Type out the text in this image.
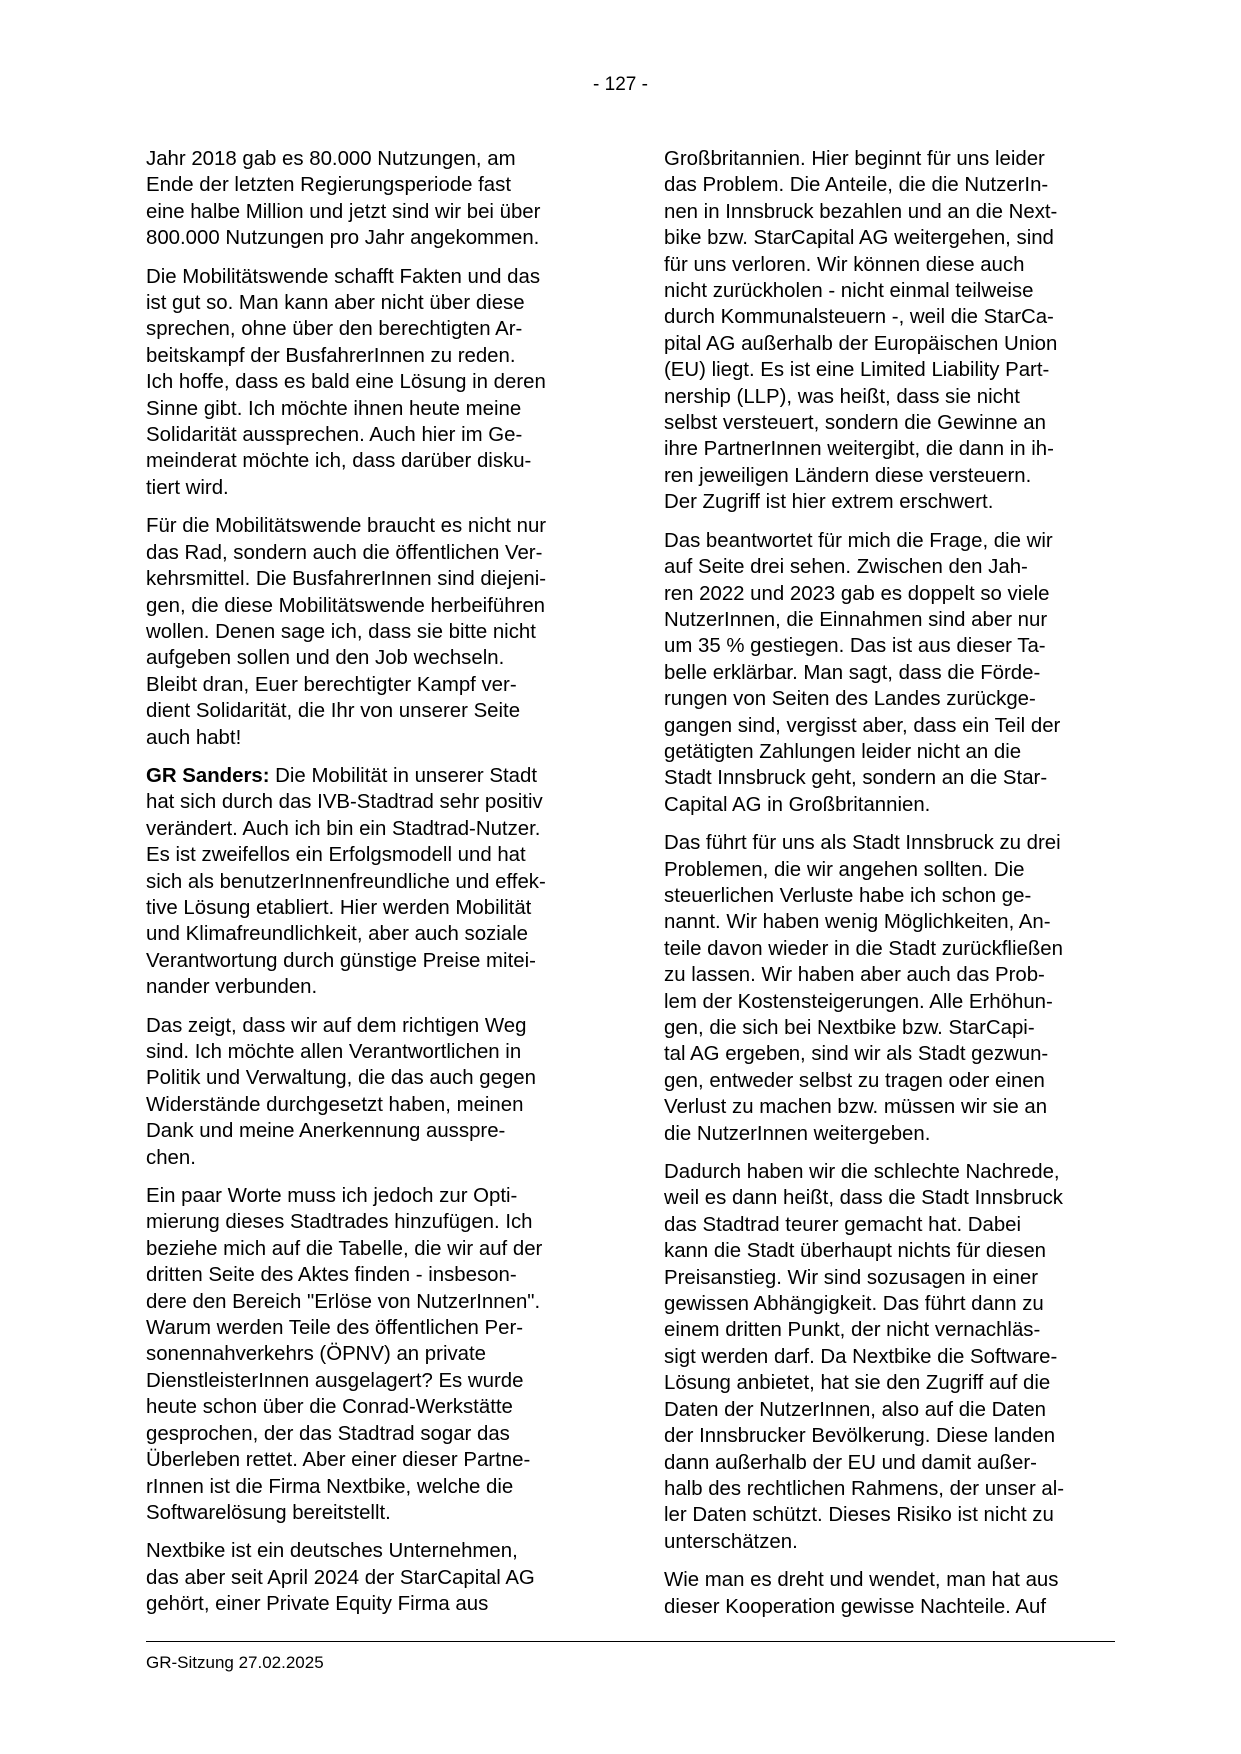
- 127 -

Jahr 2018 gab es 80.000 Nutzungen, am
Ende der letzten Regierungsperiode fast
eine halbe Million und jetzt sind wir bei über
800.000 Nutzungen pro Jahr angekommen.

Die Mobilitätswende schafft Fakten und das
ist gut so. Man kann aber nicht über diese
sprechen, ohne über den berechtigten Ar-
beitskampf der BusfahrerInnen zu reden.
Ich hoffe, dass es bald eine Lösung in deren
Sinne gibt. Ich möchte ihnen heute meine
Solidarität aussprechen. Auch hier im Ge-
meinderat möchte ich, dass darüber disku-
tiert wird.

Für die Mobilitätswende braucht es nicht nur
das Rad, sondern auch die öffentlichen Ver-
kehrsmittel. Die BusfahrerInnen sind diejeni-
gen, die diese Mobilitätswende herbeiführen
wollen. Denen sage ich, dass sie bitte nicht
aufgeben sollen und den Job wechseln.
Bleibt dran, Euer berechtigter Kampf ver-
dient Solidarität, die Ihr von unserer Seite
auch habt!

GR Sanders: Die Mobilität in unserer Stadt
hat sich durch das IVB-Stadtrad sehr positiv
verändert. Auch ich bin ein Stadtrad-Nutzer.
Es ist zweifellos ein Erfolgsmodell und hat
sich als benutzerInnenfreundliche und effek-
tive Lösung etabliert. Hier werden Mobilität
und Klimafreundlichkeit, aber auch soziale
Verantwortung durch günstige Preise mitei-
nander verbunden.

Das zeigt, dass wir auf dem richtigen Weg
sind. Ich möchte allen Verantwortlichen in
Politik und Verwaltung, die das auch gegen
Widerstände durchgesetzt haben, meinen
Dank und meine Anerkennung ausspre-
chen.

Ein paar Worte muss ich jedoch zur Opti-
mierung dieses Stadtrades hinzufügen. Ich
beziehe mich auf die Tabelle, die wir auf der
dritten Seite des Aktes finden - insbeson-
dere den Bereich "Erlöse von NutzerInnen".
Warum werden Teile des öffentlichen Per-
sonennahverkehrs (ÖPNV) an private
DienstleisterInnen ausgelagert? Es wurde
heute schon über die Conrad-Werkstätte
gesprochen, der das Stadtrad sogar das
Überleben rettet. Aber einer dieser Partne-
rInnen ist die Firma Nextbike, welche die
Softwarelösung bereitstellt.

Nextbike ist ein deutsches Unternehmen,
das aber seit April 2024 der StarCapital AG
gehört, einer Private Equity Firma aus

Großbritannien. Hier beginnt für uns leider
das Problem. Die Anteile, die die NutzerIn-
nen in Innsbruck bezahlen und an die Next-
bike bzw. StarCapital AG weitergehen, sind
für uns verloren. Wir können diese auch
nicht zurückholen - nicht einmal teilweise
durch Kommunalsteuern -, weil die StarCa-
pital AG außerhalb der Europäischen Union
(EU) liegt. Es ist eine Limited Liability Part-
nership (LLP), was heißt, dass sie nicht
selbst versteuert, sondern die Gewinne an
ihre PartnerInnen weitergibt, die dann in ih-
ren jeweiligen Ländern diese versteuern.
Der Zugriff ist hier extrem erschwert.

Das beantwortet für mich die Frage, die wir
auf Seite drei sehen. Zwischen den Jah-
ren 2022 und 2023 gab es doppelt so viele
NutzerInnen, die Einnahmen sind aber nur
um 35 % gestiegen. Das ist aus dieser Ta-
belle erklärbar. Man sagt, dass die Förde-
rungen von Seiten des Landes zurückge-
gangen sind, vergisst aber, dass ein Teil der
getätigten Zahlungen leider nicht an die
Stadt Innsbruck geht, sondern an die Star-
Capital AG in Großbritannien.

Das führt für uns als Stadt Innsbruck zu drei
Problemen, die wir angehen sollten. Die
steuerlichen Verluste habe ich schon ge-
nannt. Wir haben wenig Möglichkeiten, An-
teile davon wieder in die Stadt zurückfließen
zu lassen. Wir haben aber auch das Prob-
lem der Kostensteigerungen. Alle Erhöhun-
gen, die sich bei Nextbike bzw. StarCapi-
tal AG ergeben, sind wir als Stadt gezwun-
gen, entweder selbst zu tragen oder einen
Verlust zu machen bzw. müssen wir sie an
die NutzerInnen weitergeben.

Dadurch haben wir die schlechte Nachrede,
weil es dann heißt, dass die Stadt Innsbruck
das Stadtrad teurer gemacht hat. Dabei
kann die Stadt überhaupt nichts für diesen
Preisanstieg. Wir sind sozusagen in einer
gewissen Abhängigkeit. Das führt dann zu
einem dritten Punkt, der nicht vernachläs-
sigt werden darf. Da Nextbike die Software-
Lösung anbietet, hat sie den Zugriff auf die
Daten der NutzerInnen, also auf die Daten
der Innsbrucker Bevölkerung. Diese landen
dann außerhalb der EU und damit außer-
halb des rechtlichen Rahmens, der unser al-
ler Daten schützt. Dieses Risiko ist nicht zu
unterschätzen.

Wie man es dreht und wendet, man hat aus
dieser Kooperation gewisse Nachteile. Auf

GR-Sitzung 27.02.2025
